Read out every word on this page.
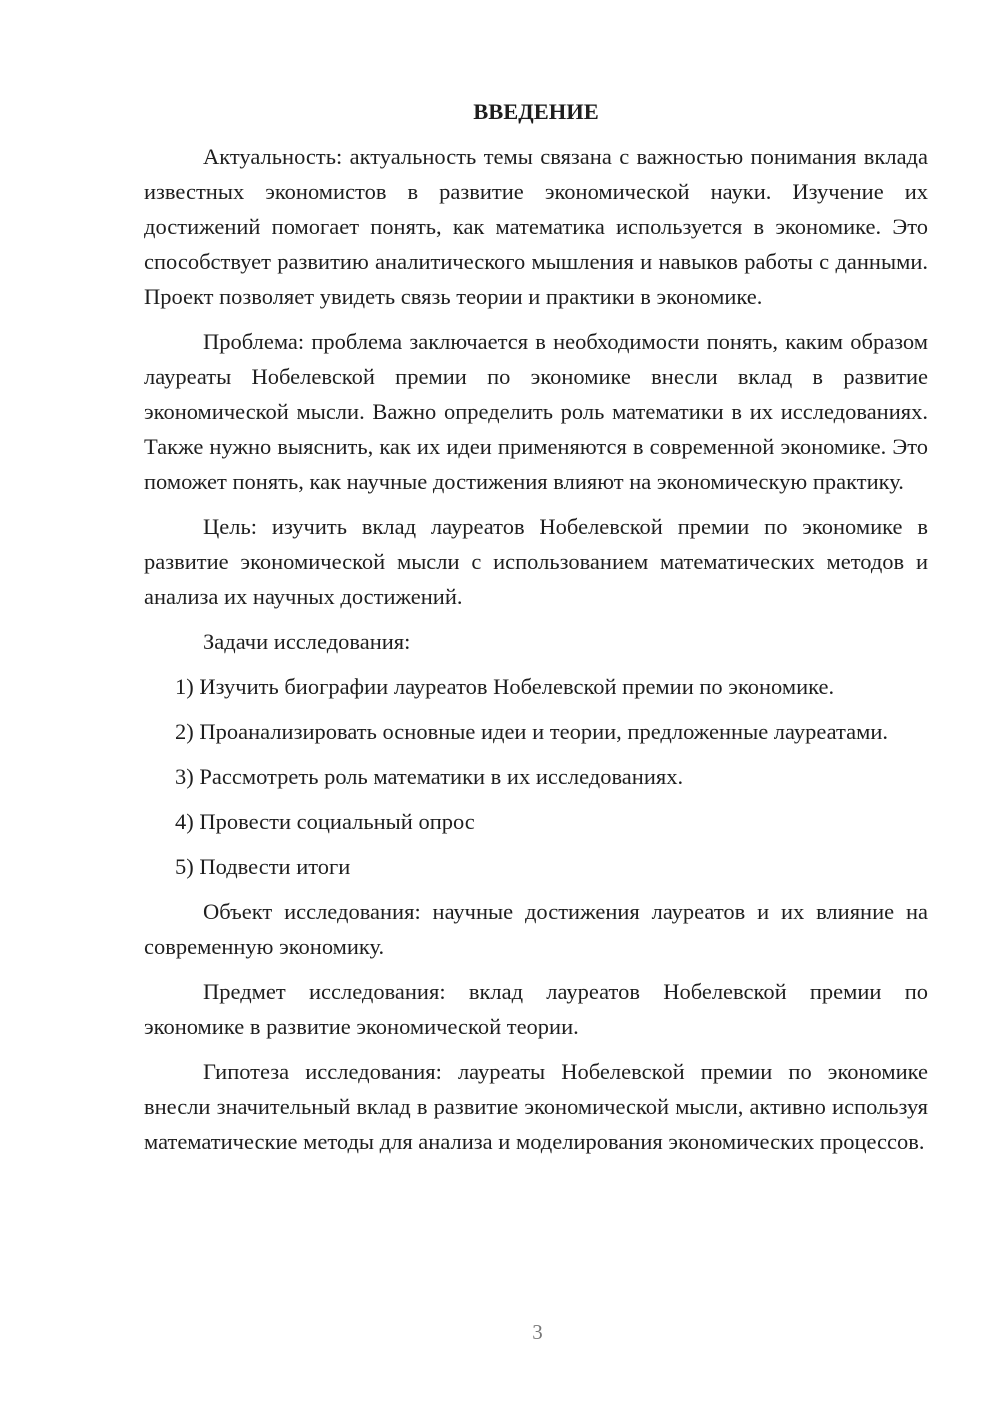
ВВЕДЕНИЕ

Актуальность: актуальность темы связана с важностью понимания вклада известных экономистов в развитие экономической науки. Изучение их достижений помогает понять, как математика используется в экономике. Это способствует развитию аналитического мышления и навыков работы с данными. Проект позволяет увидеть связь теории и практики в экономике.

Проблема: проблема заключается в необходимости понять, каким образом лауреаты Нобелевской премии по экономике внесли вклад в развитие экономической мысли. Важно определить роль математики в их исследованиях. Также нужно выяснить, как их идеи применяются в современной экономике. Это поможет понять, как научные достижения влияют на экономическую практику.

Цель: изучить вклад лауреатов Нобелевской премии по экономике в развитие экономической мысли с использованием математических методов и анализа их научных достижений.

Задачи исследования:

1) Изучить биографии лауреатов Нобелевской премии по экономике.

2) Проанализировать основные идеи и теории, предложенные лауреатами.

3) Рассмотреть роль математики в их исследованиях.

4) Провести социальный опрос

5) Подвести итоги

Объект исследования: научные достижения лауреатов и их влияние на современную экономику.

Предмет исследования: вклад лауреатов Нобелевской премии по экономике в развитие экономической теории.

Гипотеза исследования: лауреаты Нобелевской премии по экономике внесли значительный вклад в развитие экономической мысли, активно используя математические методы для анализа и моделирования экономических процессов.

3
